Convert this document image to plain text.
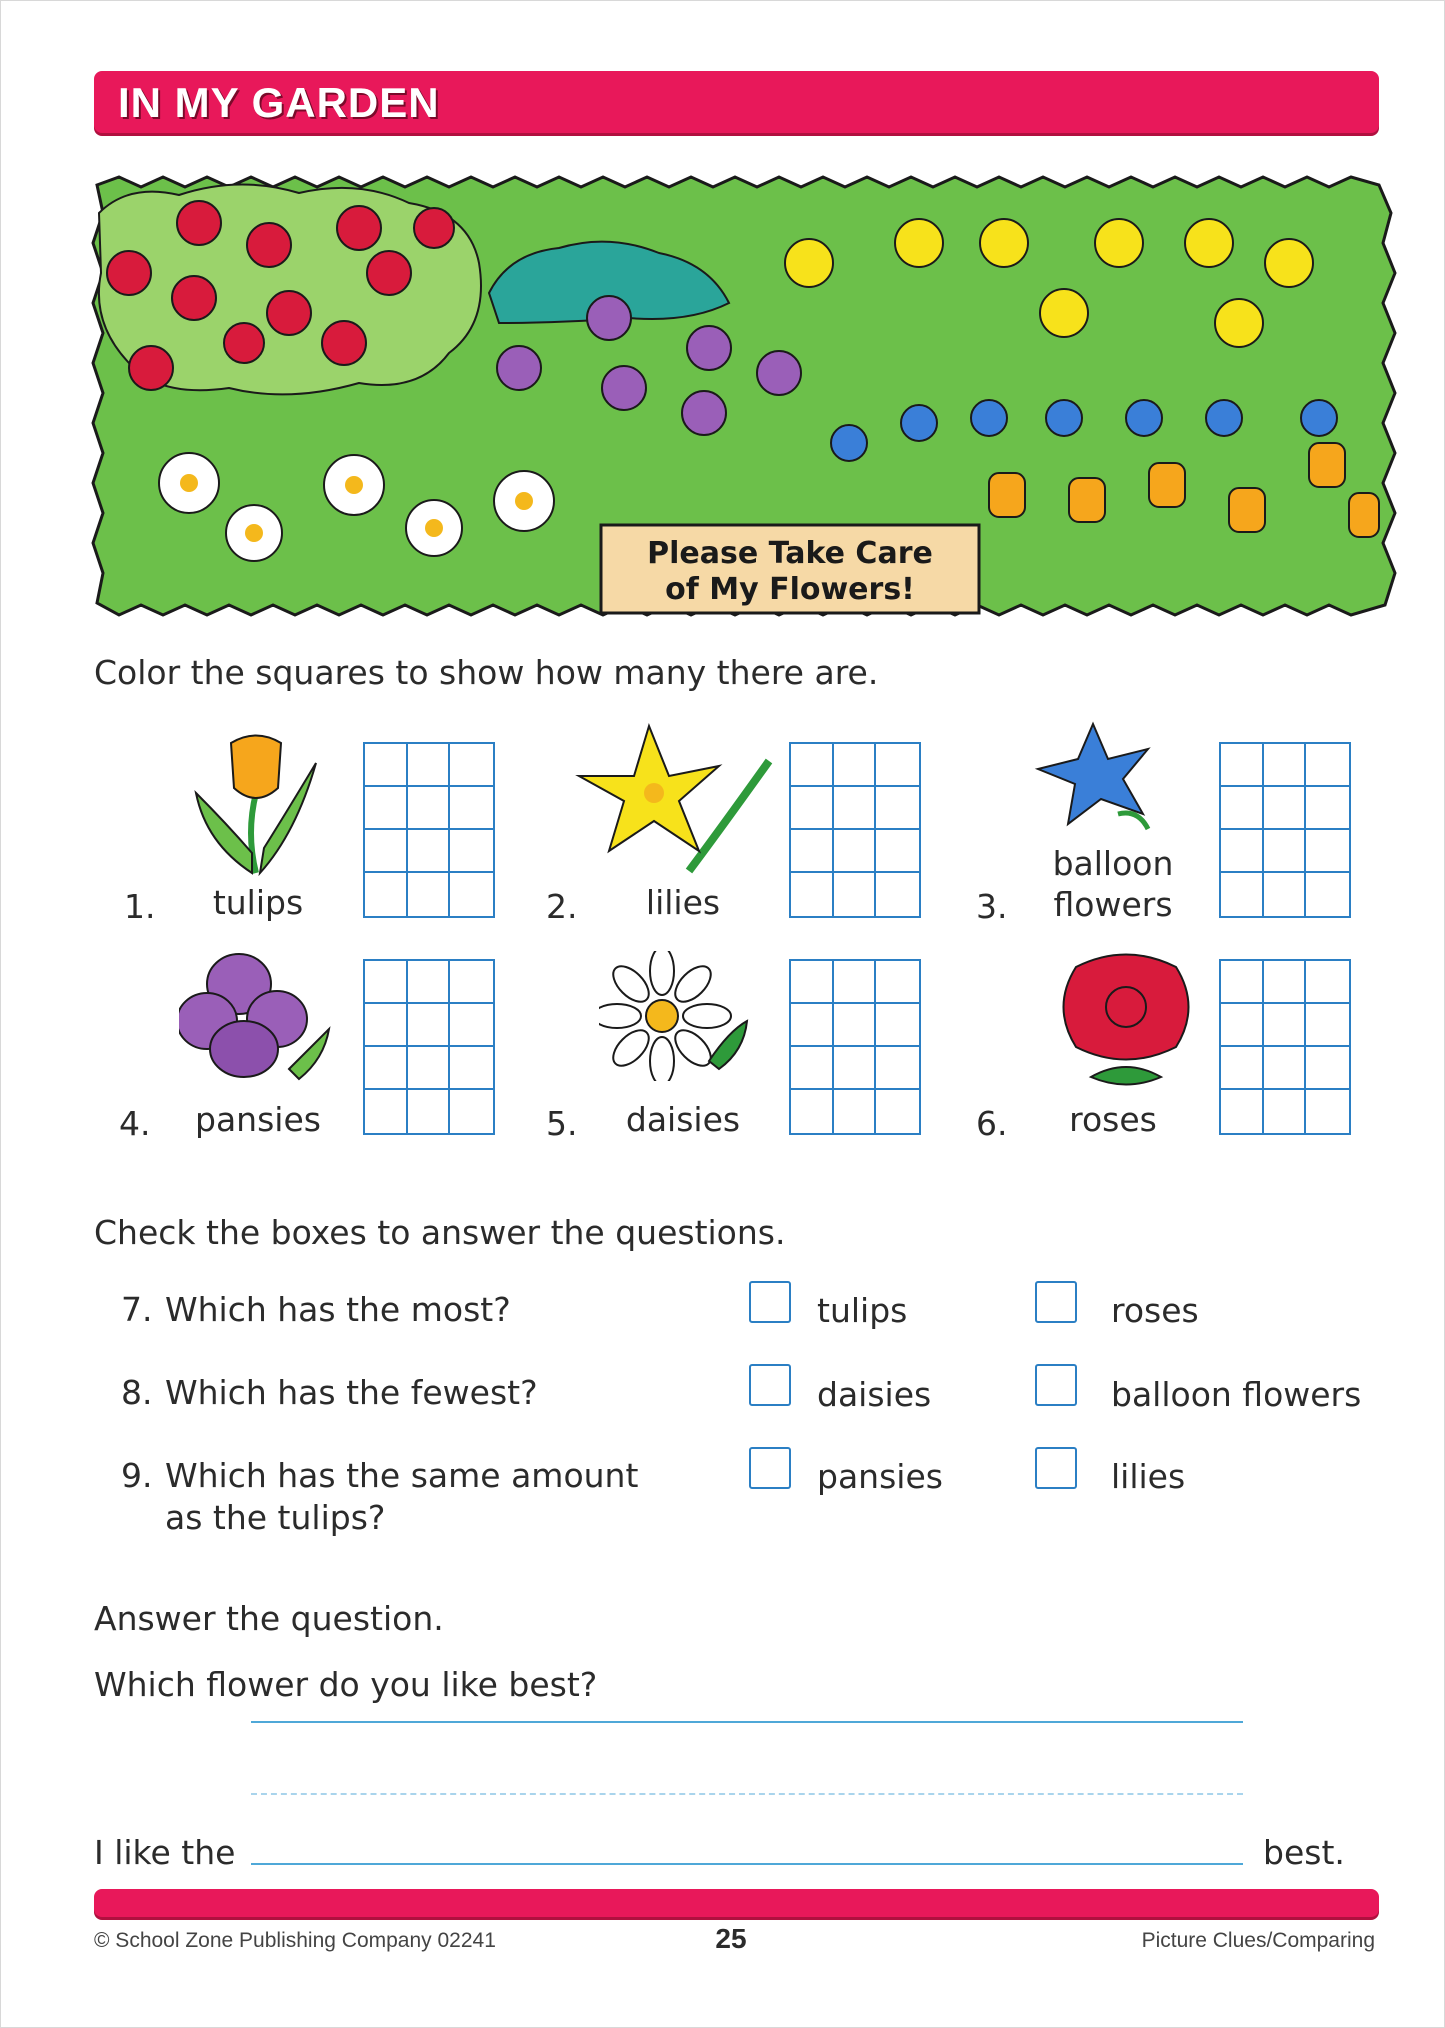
IN MY GARDEN
Please Take Care
of My Flowers!
Color the squares to show how many there are.
1.	tulips	2.	lilies	3.
balloon
flowers
4.	pansies	5.	daisies	6.	roses
Check the boxes to answer the questions.
7. Which has the most?	tulips	roses
8. Which has the fewest?	daisies	balloon flowers
9. Which has the same amount
as the tulips?
pansies	lilies
Answer the question.
Which flower do you like best?
I like the	best.
© School Zone Publishing Company 02241	25	Picture Clues/Comparing
